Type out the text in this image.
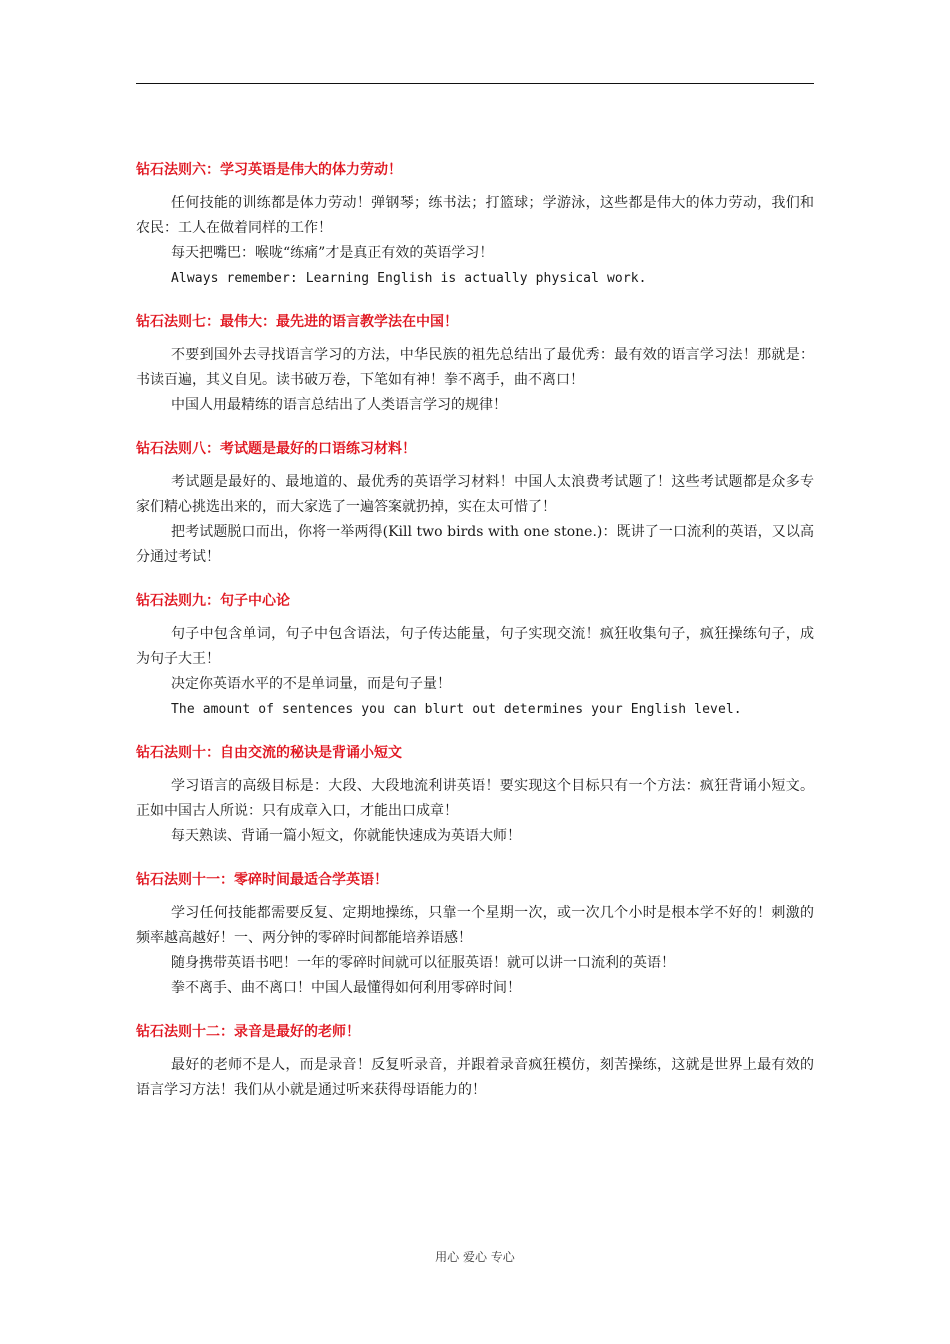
钻石法则六：学习英语是伟大的体力劳动！

任何技能的训练都是体力劳动！弹钢琴；练书法；打篮球；学游泳，这些都是伟大的体力劳动，我们和农民：工人在做着同样的工作！

每天把嘴巴：喉咙“练痛”才是真正有效的英语学习！

Always remember: Learning English is actually physical work.

钻石法则七：最伟大：最先进的语言教学法在中国！

不要到国外去寻找语言学习的方法，中华民族的祖先总结出了最优秀：最有效的语言学习法！那就是：书读百遍，其义自见。读书破万卷，下笔如有神！拳不离手，曲不离口！

中国人用最精练的语言总结出了人类语言学习的规律！

钻石法则八：考试题是最好的口语练习材料！

考试题是最好的、最地道的、最优秀的英语学习材料！中国人太浪费考试题了！这些考试题都是众多专家们精心挑选出来的，而大家选了一遍答案就扔掉，实在太可惜了！

把考试题脱口而出，你将一举两得(Kill two birds with one stone.)：既讲了一口流利的英语，又以高分通过考试！

钻石法则九：句子中心论

句子中包含单词，句子中包含语法，句子传达能量，句子实现交流！疯狂收集句子，疯狂操练句子，成为句子大王！

决定你英语水平的不是单词量，而是句子量！

The amount of sentences you can blurt out determines your English level.

钻石法则十：自由交流的秘诀是背诵小短文

学习语言的高级目标是：大段、大段地流利讲英语！要实现这个目标只有一个方法：疯狂背诵小短文。正如中国古人所说：只有成章入口，才能出口成章！

每天熟读、背诵一篇小短文，你就能快速成为英语大师！

钻石法则十一：零碎时间最适合学英语！

学习任何技能都需要反复、定期地操练，只靠一个星期一次，或一次几个小时是根本学不好的！刺激的频率越高越好！一、两分钟的零碎时间都能培养语感！

随身携带英语书吧！一年的零碎时间就可以征服英语！就可以讲一口流利的英语！

拳不离手、曲不离口！中国人最懂得如何利用零碎时间！

钻石法则十二：录音是最好的老师！

最好的老师不是人，而是录音！反复听录音，并跟着录音疯狂模仿，刻苦操练，这就是世界上最有效的语言学习方法！我们从小就是通过听来获得母语能力的！

用心 爱心 专心
